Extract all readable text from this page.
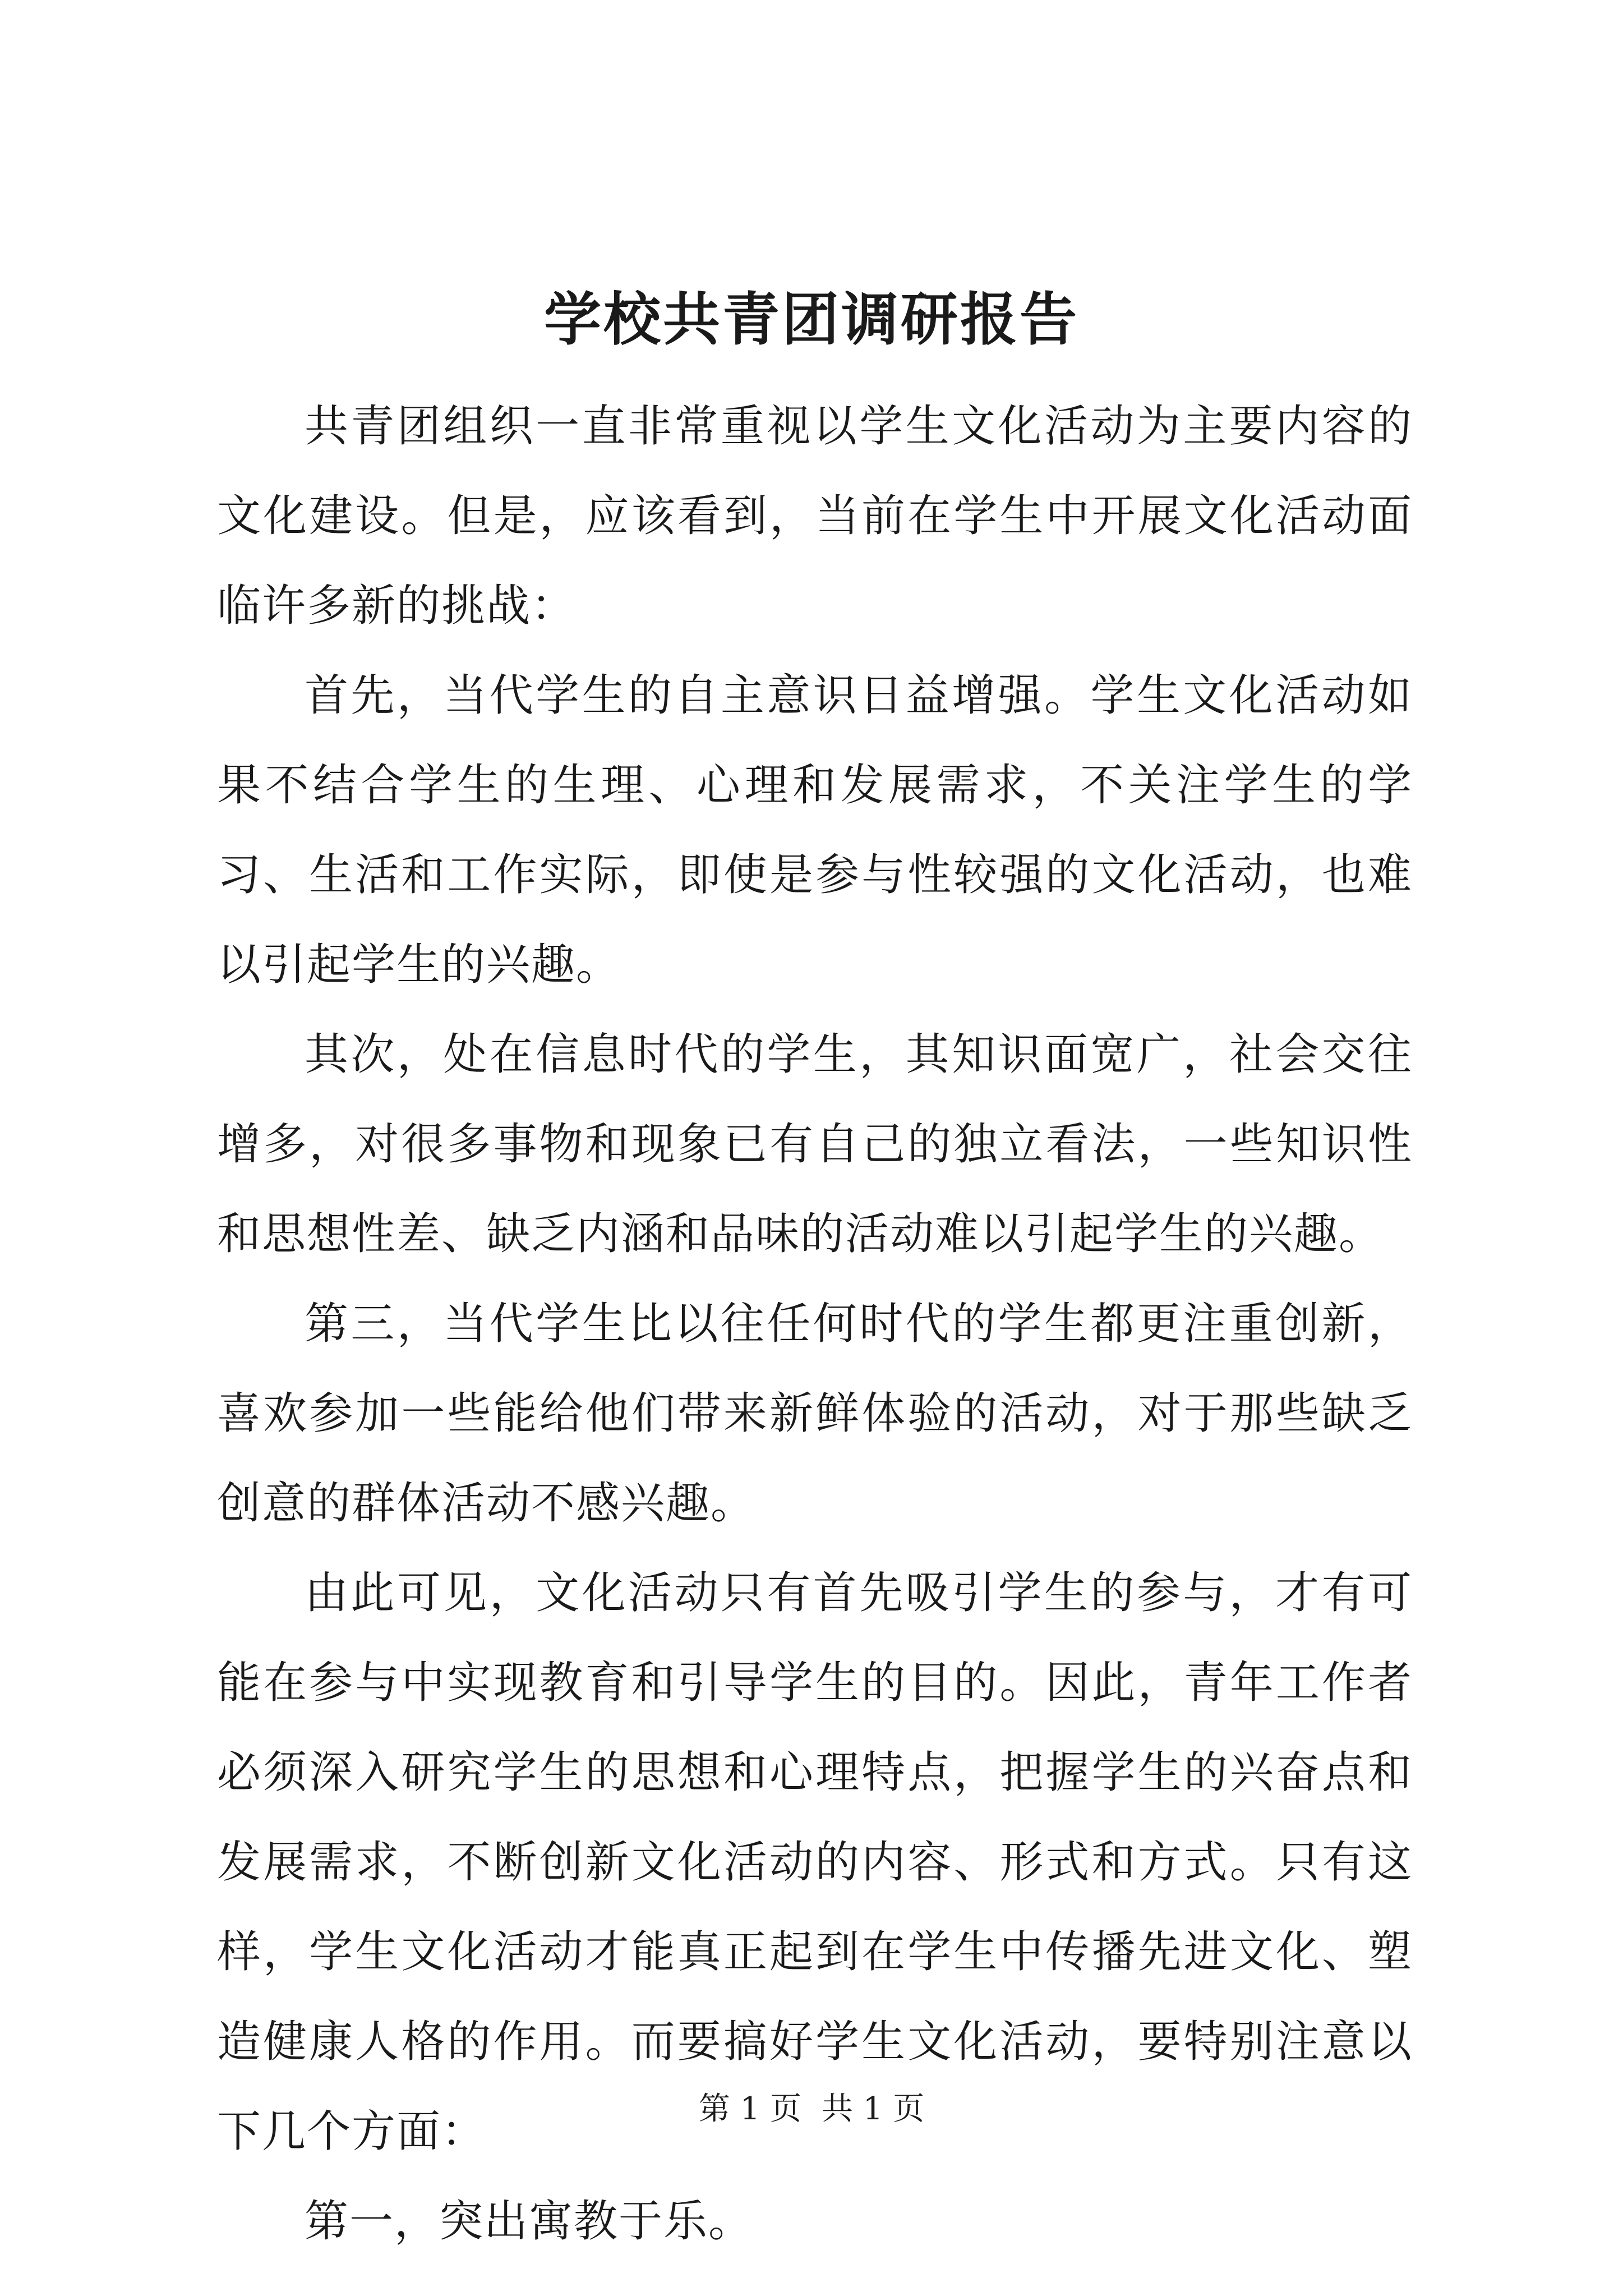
学校共青团调研报告

共青团组织一直非常重视以学生文化活动为主要内容的文化建设。但是，应该看到，当前在学生中开展文化活动面临许多新的挑战：

首先，当代学生的自主意识日益增强。学生文化活动如果不结合学生的生理、心理和发展需求，不关注学生的学习、生活和工作实际，即使是参与性较强的文化活动，也难以引起学生的兴趣。

其次，处在信息时代的学生，其知识面宽广，社会交往增多，对很多事物和现象已有自己的独立看法，一些知识性和思想性差、缺乏内涵和品味的活动难以引起学生的兴趣。

第三，当代学生比以往任何时代的学生都更注重创新，喜欢参加一些能给他们带来新鲜体验的活动，对于那些缺乏创意的群体活动不感兴趣。

由此可见，文化活动只有首先吸引学生的参与，才有可能在参与中实现教育和引导学生的目的。因此，青年工作者必须深入研究学生的思想和心理特点，把握学生的兴奋点和发展需求，不断创新文化活动的内容、形式和方式。只有这样，学生文化活动才能真正起到在学生中传播先进文化、塑造健康人格的作用。而要搞好学生文化活动，要特别注意以下几个方面：

第一，突出寓教于乐。

第 1 页 共 1 页
